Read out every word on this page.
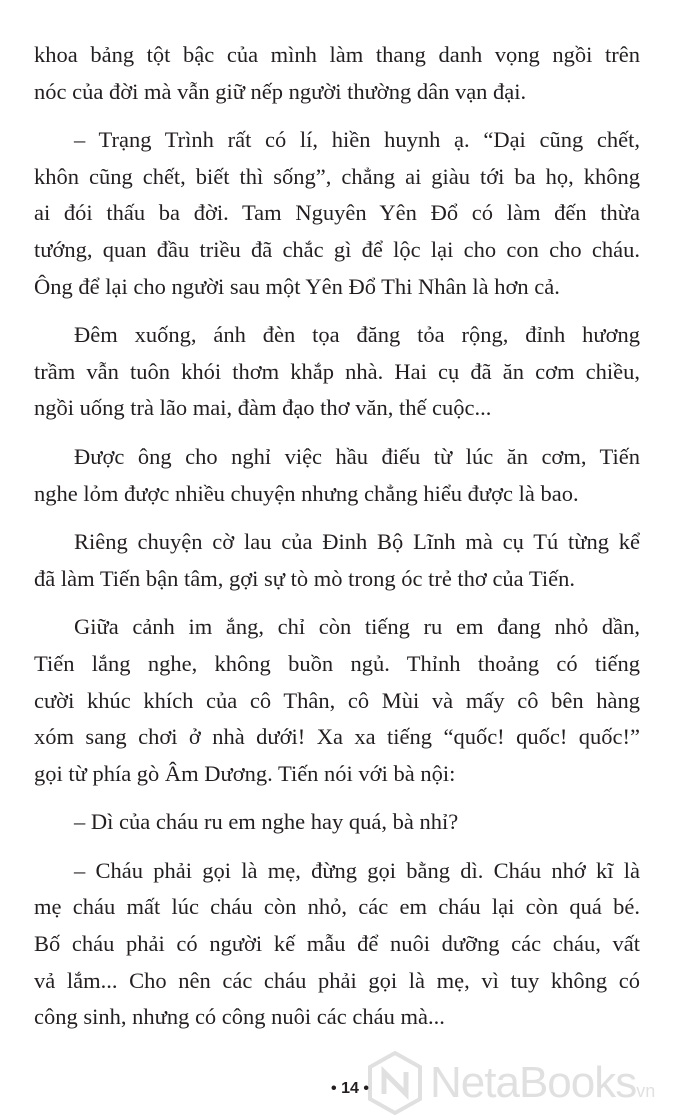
khoa bảng tột bậc của mình làm thang danh vọng ngồi trên
nóc của đời mà vẫn giữ nếp người thường dân vạn đại.
– Trạng Trình rất có lí, hiền huynh ạ. “Dại cũng chết,
khôn cũng chết, biết thì sống”, chẳng ai giàu tới ba họ, không
ai đói thấu ba đời. Tam Nguyên Yên Đổ có làm đến thừa
tướng, quan đầu triều đã chắc gì để lộc lại cho con cho cháu.
Ông để lại cho người sau một Yên Đổ Thi Nhân là hơn cả.
Đêm xuống, ánh đèn tọa đăng tỏa rộng, đỉnh hương
trầm vẫn tuôn khói thơm khắp nhà. Hai cụ đã ăn cơm chiều,
ngồi uống trà lão mai, đàm đạo thơ văn, thế cuộc...
Được ông cho nghỉ việc hầu điếu từ lúc ăn cơm, Tiến
nghe lỏm được nhiều chuyện nhưng chẳng hiểu được là bao.
Riêng chuyện cờ lau của Đinh Bộ Lĩnh mà cụ Tú từng kể
đã làm Tiến bận tâm, gợi sự tò mò trong óc trẻ thơ của Tiến.
Giữa cảnh im ắng, chỉ còn tiếng ru em đang nhỏ dần,
Tiến lắng nghe, không buồn ngủ. Thỉnh thoảng có tiếng
cười khúc khích của cô Thân, cô Mùi và mấy cô bên hàng
xóm sang chơi ở nhà dưới! Xa xa tiếng “quốc! quốc! quốc!”
gọi từ phía gò Âm Dương. Tiến nói với bà nội:
– Dì của cháu ru em nghe hay quá, bà nhỉ?
– Cháu phải gọi là mẹ, đừng gọi bằng dì. Cháu nhớ kĩ là
mẹ cháu mất lúc cháu còn nhỏ, các em cháu lại còn quá bé.
Bố cháu phải có người kế mẫu để nuôi dưỡng các cháu, vất
vả lắm... Cho nên các cháu phải gọi là mẹ, vì tuy không có
công sinh, nhưng có công nuôi các cháu mà...
• 14 •	NetaBooksvn
